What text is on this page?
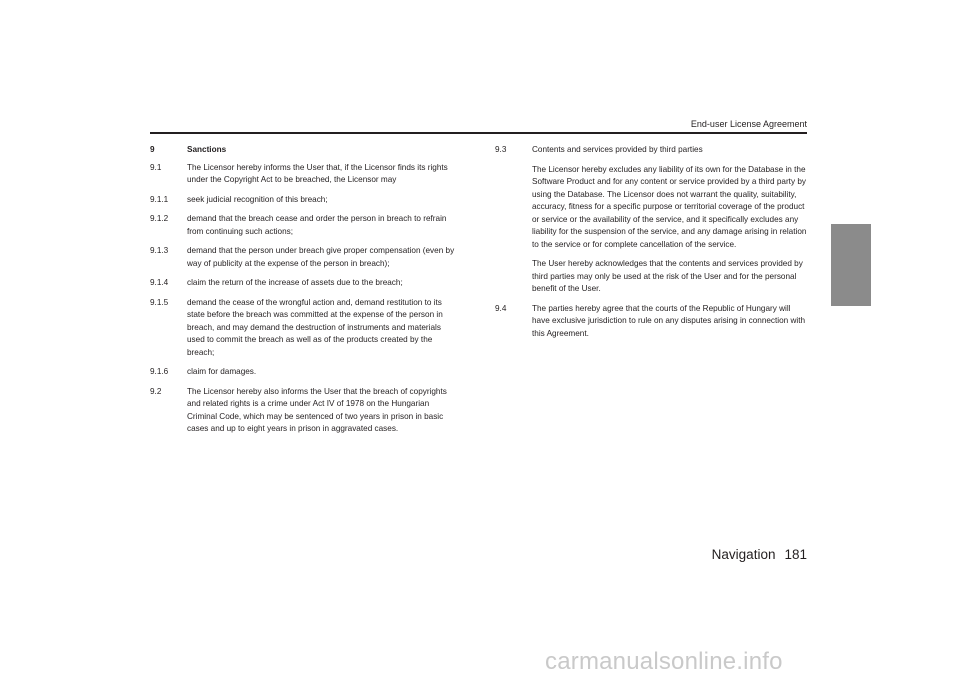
End-user License Agreement
9	Sanctions
9.1	The Licensor hereby informs the User that, if the Licensor finds its rights under the Copyright Act to be breached, the Licensor may
9.1.1 seek judicial recognition of this breach;
9.1.2 demand that the breach cease and order the person in breach to refrain from continuing such actions;
9.1.3 demand that the person under breach give proper compensation (even by way of publicity at the expense of the person in breach);
9.1.4 claim the return of the increase of assets due to the breach;
9.1.5 demand the cease of the wrongful action and, demand restitution to its state before the breach was committed at the expense of the person in breach, and may demand the destruction of instruments and materials used to commit the breach as well as of the products created by the breach;
9.1.6 claim for damages.
9.2	The Licensor hereby also informs the User that the breach of copyrights and related rights is a crime under Act IV of 1978 on the Hungarian Criminal Code, which may be sentenced of two years in prison in basic cases and up to eight years in prison in aggravated cases.
9.3	Contents and services provided by third parties
The Licensor hereby excludes any liability of its own for the Database in the Software Product and for any content or service provided by a third party by using the Database. The Licensor does not warrant the quality, suitability, accuracy, fitness for a specific purpose or territorial coverage of the product or service or the availability of the service, and it specifically excludes any liability for the suspension of the service, and any damage arising in relation to the service or for complete cancellation of the service.
The User hereby acknowledges that the contents and services provided by third parties may only be used at the risk of the User and for the personal benefit of the User.
9.4	The parties hereby agree that the courts of the Republic of Hungary will have exclusive jurisdiction to rule on any disputes arising in connection with this Agreement.
Navigation 181
carmanualsonline.info
